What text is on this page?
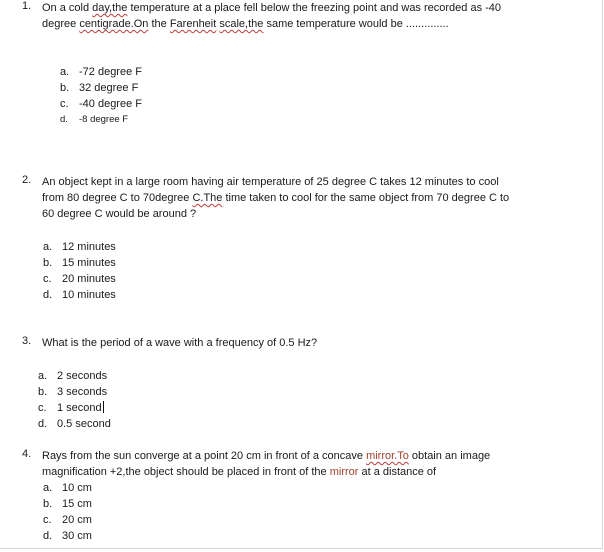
1. On a cold day,the temperature at a place fell below the freezing point and was recorded as -40
degree centigrade.On the Farenheit scale,the same temperature would be ..............
a. -72 degree F
b. 32 degree F
c. -40 degree F
d.	-8 degree F
2. An object kept in a large room having air temperature of 25 degree C takes 12 minutes to cool
from 80 degree C to 70degree C.The time taken to cool for the same object from 70 degree C to
60 degree C would be around ?
a. 12 minutes
b. 15 minutes
c. 20 minutes
d. 10 minutes
3. What is the period of a wave with a frequency of 0.5 Hz?
a. 2 seconds
b. 3 seconds
c. 1 second
d. 0.5 second
4. Rays from the sun converge at a point 20 cm in front of a concave mirror.To obtain an image
magnification +2,the object should be placed in front of the mirror at a distance of
a. 10 cm
b. 15 cm
c. 20 cm
d. 30 cm
